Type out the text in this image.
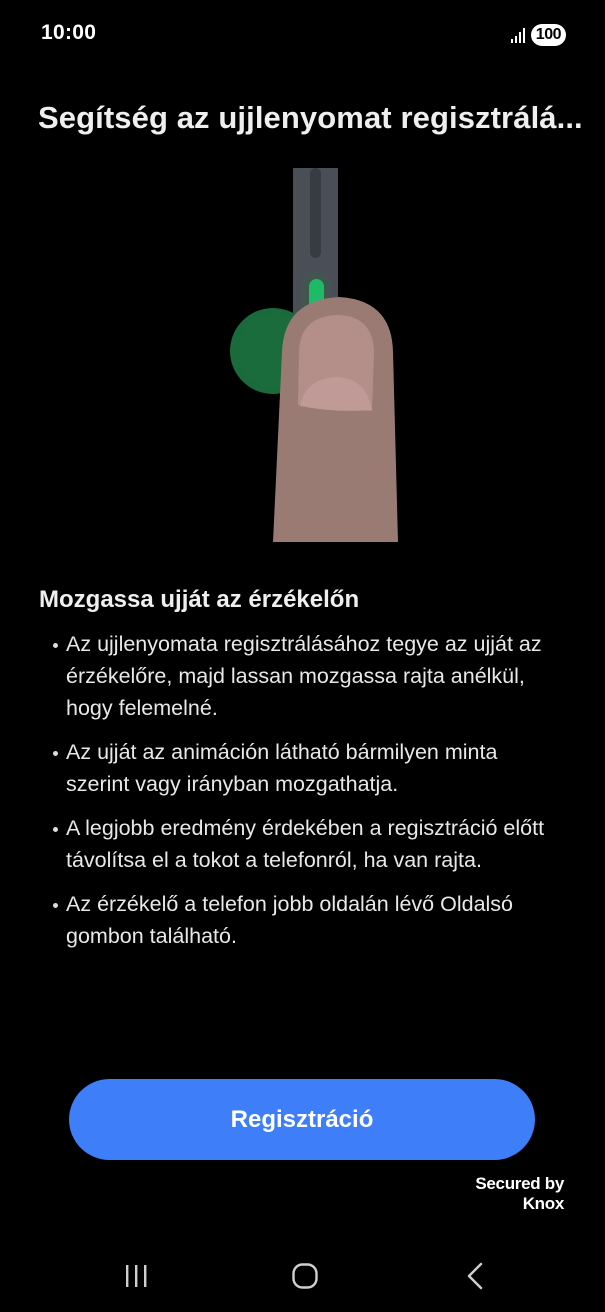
10:00	100
Segítség az ujjlenyomat regisztrálá...
Mozgassa ujját az érzékelőn
Az ujjlenyomata regisztrálásához tegye az ujját az érzékelőre, majd lassan mozgassa rajta anélkül, hogy felemelné.
Az ujját az animáción látható bármilyen minta szerint vagy irányban mozgathatja.
A legjobb eredmény érdekében a regisztráció előtt távolítsa el a tokot a telefonról, ha van rajta.
Az érzékelő a telefon jobb oldalán lévő Oldalsó gombon található.
Regisztráció
Secured by
Knox
